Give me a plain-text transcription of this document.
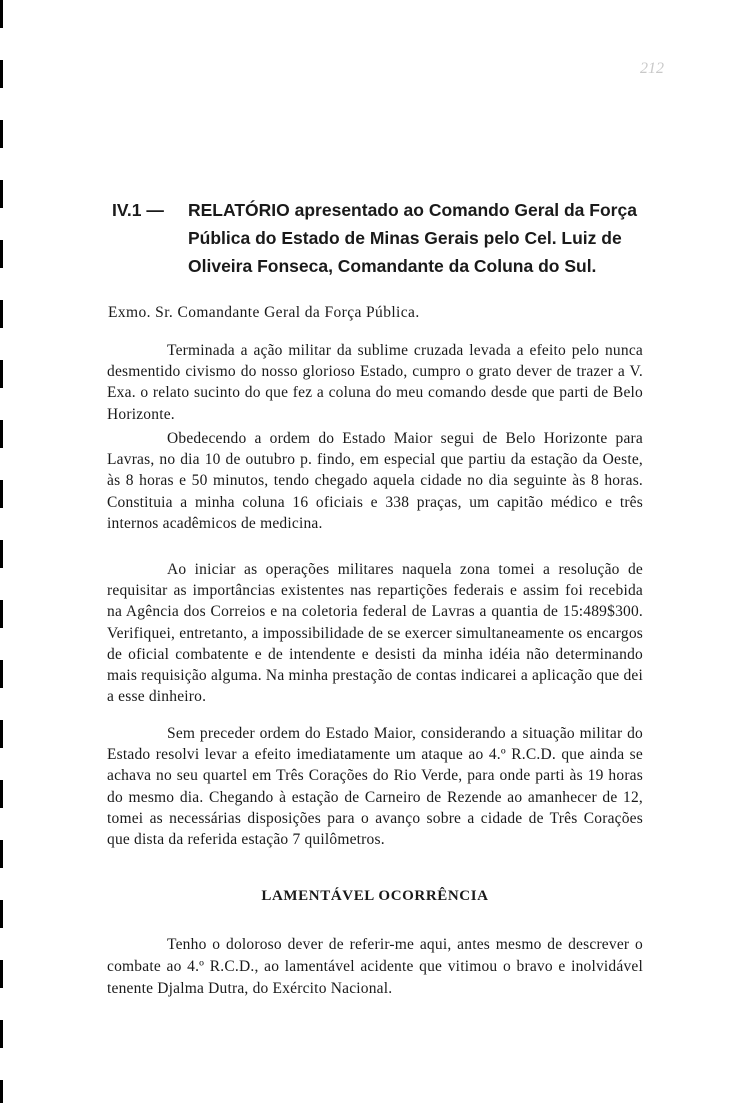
212
IV.1 — RELATÓRIO apresentado ao Comando Geral da Força
Pública do Estado de Minas Gerais pelo Cel. Luiz de
Oliveira Fonseca, Comandante da Coluna do Sul.
Exmo. Sr. Comandante Geral da Força Pública.

Terminada a ação militar da sublime cruzada levada a efeito pelo nunca desmentido civismo do nosso glorioso Estado, cumpro o grato dever de trazer a V. Exa. o relato sucinto do que fez a coluna do meu comando desde que parti de Belo Horizonte.

Obedecendo a ordem do Estado Maior segui de Belo Horizonte para Lavras, no dia 10 de outubro p. findo, em especial que partiu da estação da Oeste, às 8 horas e 50 minutos, tendo chegado aquela cidade no dia seguinte às 8 horas. Constituia a minha coluna 16 oficiais e 338 praças, um capitão médico e três internos acadêmicos de medicina.

Ao iniciar as operações militares naquela zona tomei a resolução de requisitar as importâncias existentes nas repartições federais e assim foi recebida na Agência dos Correios e na coletoria federal de Lavras a quantia de 15:489$300. Verifiquei, entretanto, a impossibilidade de se exercer simultaneamente os encargos de oficial combatente e de intendente e desisti da minha idéia não determinando mais requisição alguma. Na minha prestação de contas indicarei a aplicação que dei a esse dinheiro.

Sem preceder ordem do Estado Maior, considerando a situação militar do Estado resolvi levar a efeito imediatamente um ataque ao 4.º R.C.D. que ainda se achava no seu quartel em Três Corações do Rio Verde, para onde parti às 19 horas do mesmo dia. Chegando à estação de Carneiro de Rezende ao amanhecer de 12, tomei as necessárias disposições para o avanço sobre a cidade de Três Corações que dista da referida estação 7 quilômetros.

LAMENTÁVEL OCORRÊNCIA

Tenho o doloroso dever de referir-me aqui, antes mesmo de descrever o combate ao 4.º R.C.D., ao lamentável acidente que vitimou o bravo e inolvidável tenente Djalma Dutra, do Exército Nacional.
